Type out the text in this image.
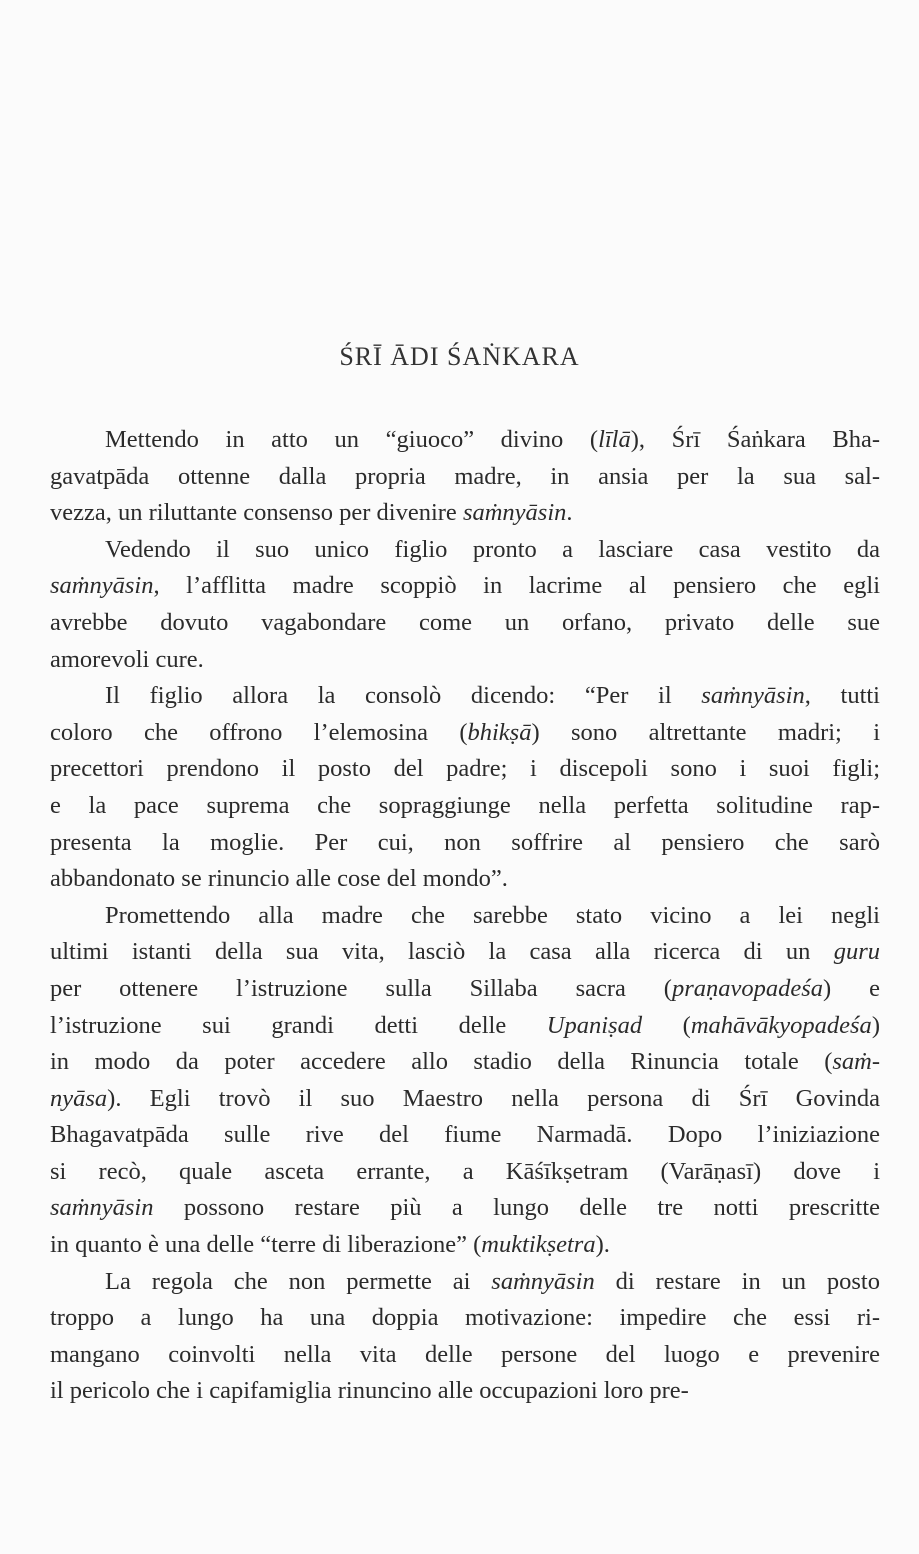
ŚRĪ ĀDI ŚAṄKARA
Mettendo in atto un “giuoco” divino (līlā), Śrī Śaṅkara Bha-
gavatpāda ottenne dalla propria madre, in ansia per la sua sal-
vezza, un riluttante consenso per divenire saṁnyāsin.
Vedendo il suo unico figlio pronto a lasciare casa vestito da
saṁnyāsin, l’afflitta madre scoppiò in lacrime al pensiero che egli
avrebbe dovuto vagabondare come un orfano, privato delle sue
amorevoli cure.
Il figlio allora la consolò dicendo: “Per il saṁnyāsin, tutti
coloro che offrono l’elemosina (bhikṣā) sono altrettante madri; i
precettori prendono il posto del padre; i discepoli sono i suoi figli;
e la pace suprema che sopraggiunge nella perfetta solitudine rap-
presenta la moglie. Per cui, non soffrire al pensiero che sarò
abbandonato se rinuncio alle cose del mondo”.
Promettendo alla madre che sarebbe stato vicino a lei negli
ultimi istanti della sua vita, lasciò la casa alla ricerca di un guru
per ottenere l’istruzione sulla Sillaba sacra (praṇavopadeśa) e
l’istruzione sui grandi detti delle Upaniṣad (mahāvākyopadeśa)
in modo da poter accedere allo stadio della Rinuncia totale (saṁ-
nyāsa). Egli trovò il suo Maestro nella persona di Śrī Govinda
Bhagavatpāda sulle rive del fiume Narmadā. Dopo l’iniziazione
si recò, quale asceta errante, a Kāśīkṣetram (Varāṇasī) dove i
saṁnyāsin possono restare più a lungo delle tre notti prescritte
in quanto è una delle “terre di liberazione” (muktikṣetra).
La regola che non permette ai saṁnyāsin di restare in un posto
troppo a lungo ha una doppia motivazione: impedire che essi ri-
mangano coinvolti nella vita delle persone del luogo e prevenire
il pericolo che i capifamiglia rinuncino alle occupazioni loro pre-
